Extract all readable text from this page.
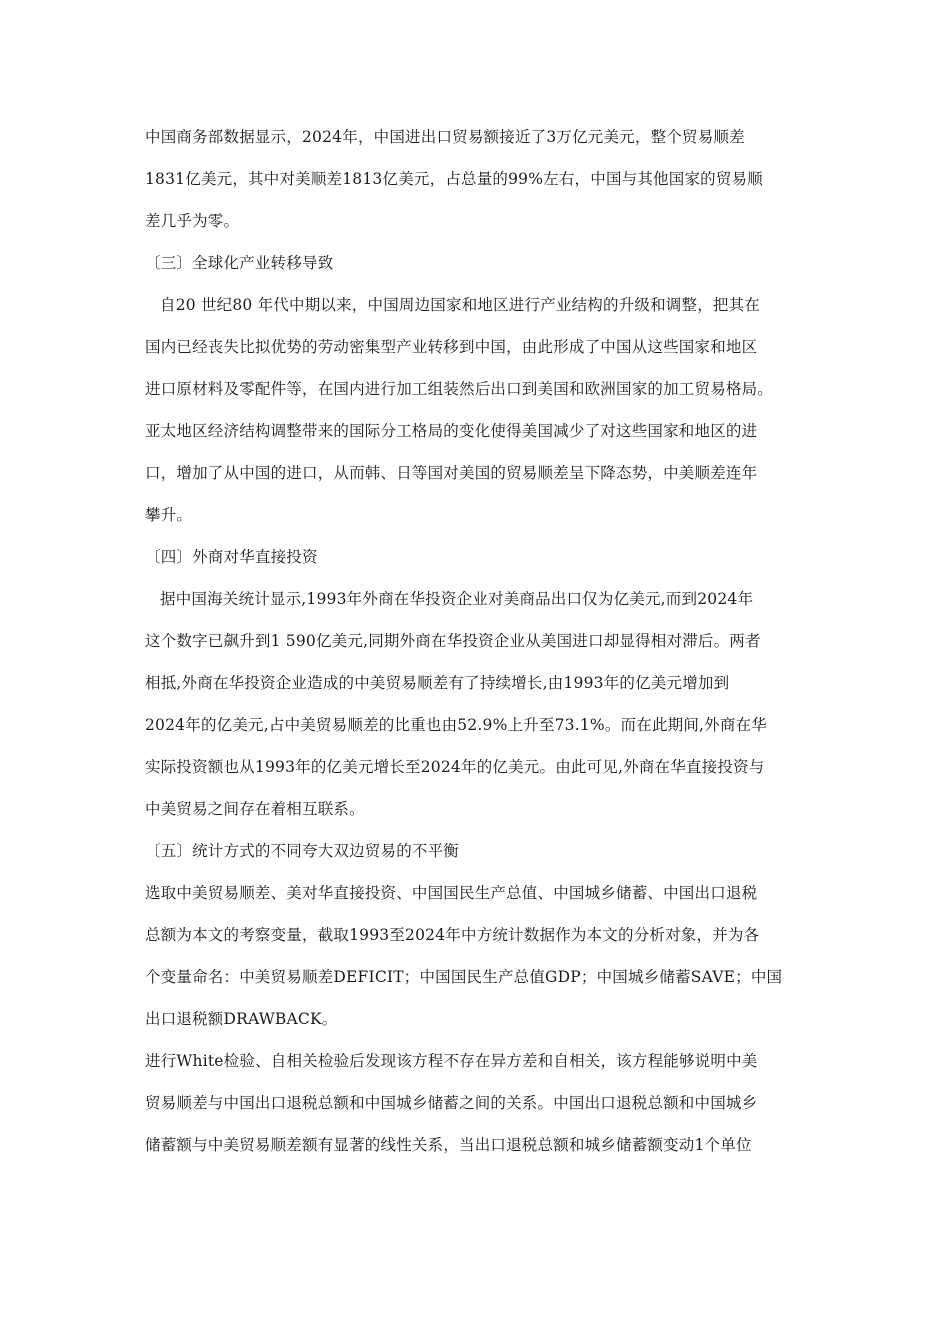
中国商务部数据显示，2024年，中国进出口贸易额接近了3万亿元美元，整个贸易顺差
1831亿美元，其中对美顺差1813亿美元，占总量的99%左右，中国与其他国家的贸易顺
差几乎为零。
〔三〕全球化产业转移导致
自20 世纪80 年代中期以来，中国周边国家和地区进行产业结构的升级和调整，把其在
国内已经丧失比拟优势的劳动密集型产业转移到中国，由此形成了中国从这些国家和地区
进口原材料及零配件等，在国内进行加工组装然后出口到美国和欧洲国家的加工贸易格局。
亚太地区经济结构调整带来的国际分工格局的变化使得美国减少了对这些国家和地区的进
口，增加了从中国的进口，从而韩、日等国对美国的贸易顺差呈下降态势，中美顺差连年
攀升。
〔四〕外商对华直接投资
据中国海关统计显示,1993年外商在华投资企业对美商品出口仅为亿美元,而到2024年
这个数字已飙升到1 590亿美元,同期外商在华投资企业从美国进口却显得相对滞后。两者
相抵,外商在华投资企业造成的中美贸易顺差有了持续增长,由1993年的亿美元增加到
2024年的亿美元,占中美贸易顺差的比重也由52.9%上升至73.1%。而在此期间,外商在华
实际投资额也从1993年的亿美元增长至2024年的亿美元。由此可见,外商在华直接投资与
中美贸易之间存在着相互联系。
〔五〕统计方式的不同夸大双边贸易的不平衡
选取中美贸易顺差、美对华直接投资、中国国民生产总值、中国城乡储蓄、中国出口退税
总额为本文的考察变量，截取1993至2024年中方统计数据作为本文的分析对象，并为各
个变量命名：中美贸易顺差DEFICIT；中国国民生产总值GDP；中国城乡储蓄SAVE；中国
出口退税额DRAWBACK。
进行White检验、自相关检验后发现该方程不存在异方差和自相关，该方程能够说明中美
贸易顺差与中国出口退税总额和中国城乡储蓄之间的关系。中国出口退税总额和中国城乡
储蓄额与中美贸易顺差额有显著的线性关系，当出口退税总额和城乡储蓄额变动1个单位
